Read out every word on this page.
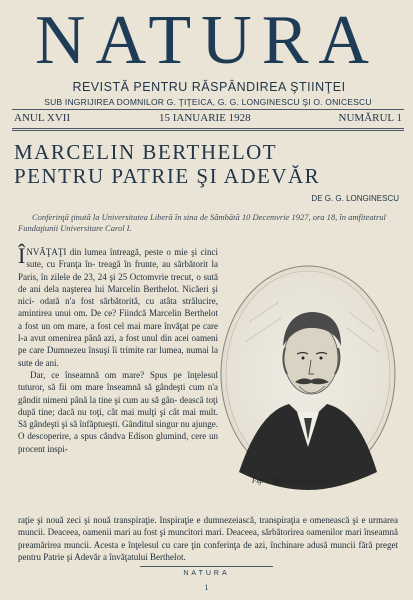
NATURA
REVISTĂ PENTRU RĂSPÂNDIREA ŞTIINŢEI
SUB INGRIJIREA DOMNILOR G. ŢIŢEICA, G. G. LONGINESCU ŞI O. ONICESCU
ANUL XVII	15 IANUARIE 1928	NUMĂRUL 1
MARCELIN BERTHELOT
PENTRU PATRIE ŞI ADEVĂR
DE G. G. LONGINESCU
Conferinţă ţinută la Universitatea Liberă în sina de Sâmbătă 10 Decemvrie 1927, ora 18, în amfiteatrul Fundaţiunii Universitare Carol I.

ÎNVĂŢAŢI din lumea întreagă, peste o mie şi cinci sute, cu Franţa în- treagă în frunte, au sărbătorit la Paris, în zilele de 23, 24 şi 25 Octomvrie trecut, o sută de ani dela naşterea lui Marcelin Berthelot. Nicăeri şi nici- odată n'a fost sărbătorită, cu atâta strălucire, amintirea unui om. De ce? Fiindcă Marcelin Berthelot a fost un om mare, a fost cel mai mare învăţat pe care l-a avut omenirea până azi, a fost unul din acei oameni pe care Dumnezeu însuşi îi trimite rar lumea, numai la sute de ani.

Dar, ce înseamnă om mare? Spus pe înţelesul tuturor, să fii om mare înseamnă să gândeşti cum n'a gândit nimeni până la tine şi cum au să gân- dească toţi după tine; dacă nu toţi, cât mai mulţi şi cât mai mult. Să gândeşti şi să înfăptueşti. Gânditul singur nu ajunge. O descoperire, a spus cândva Edison glumind, cere un procent inspi-

Fig. 1. Marcelin Berthelot
raţie şi nouă zeci şi nouă transpiraţie. Inspiraţie e dumnezeiască, transpiraţia e omenească şi e urmarea muncii. Deaceea, oamenii mari au fost şi muncitori mari. Deaceea, sărbătorirea oamenilor mari înseamnă preamărirea muncii. Acesta e înţelesul cu care ţin conferinţa de azi, închinare adusă muncii fără preget pentru Patrie şi Adevăr a învăţatului Berthelot.
NATURA
1
